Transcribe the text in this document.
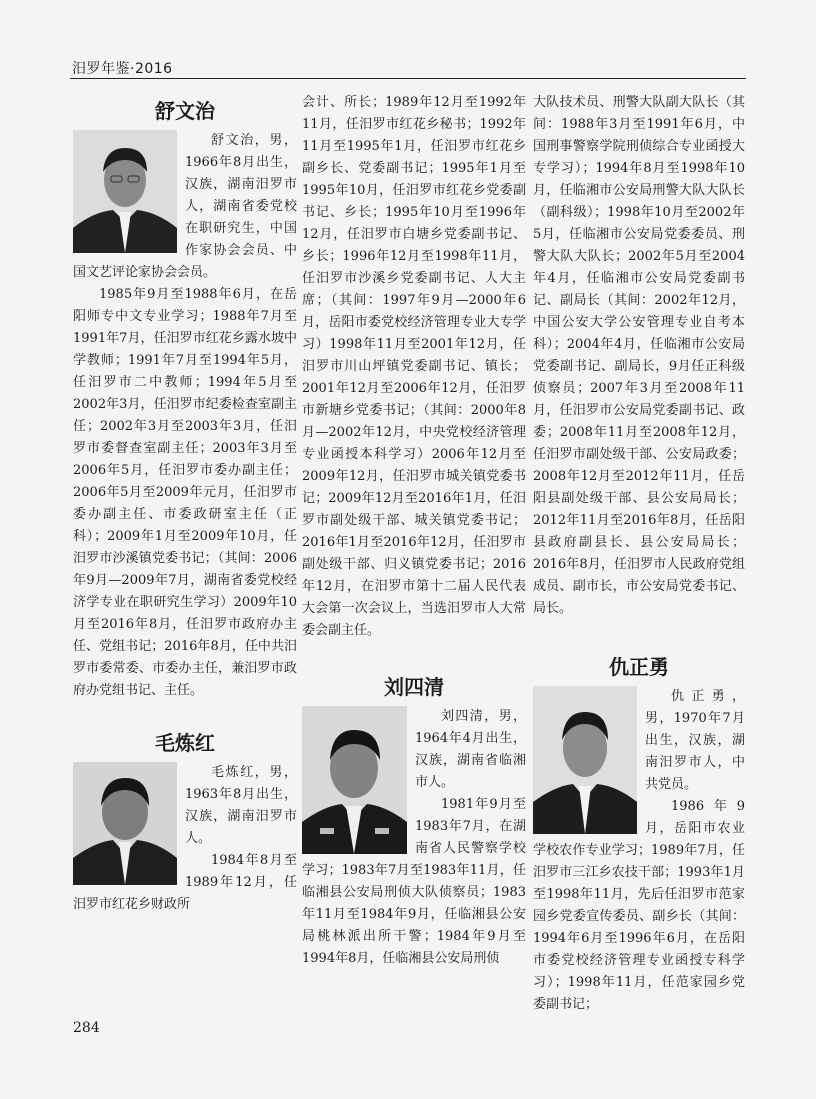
汨罗年鉴·2016
舒文治

舒文治，男，1966年8月出生，汉族，湖南汨罗市人，湖南省委党校在职研究生，中国作家协会会员、中国文艺评论家协会会员。

1985年9月至1988年6月，在岳阳师专中文专业学习；1988年7月至1991年7月，任汨罗市红花乡露水坡中学教师；1991年7月至1994年5月，任汨罗市二中教师；1994年5月至2002年3月，任汨罗市纪委检查室副主任；2002年3月至2003年3月，任汨罗市委督查室副主任；2003年3月至2006年5月，任汨罗市委办副主任；2006年5月至2009年元月，任汨罗市委办副主任、市委政研室主任（正科）；2009年1月至2009年10月，任汨罗市沙溪镇党委书记；（其间：2006年9月—2009年7月，湖南省委党校经济学专业在职研究生学习）2009年10月至2016年8月，任汨罗市政府办主任、党组书记；2016年8月，任中共汨罗市委常委、市委办主任，兼汨罗市政府办党组书记、主任。

毛炼红

毛炼红，男，1963年8月出生，汉族，湖南汨罗市人。

1984年8月至1989年12月，任汨罗市红花乡财政所

会计、所长；1989年12月至1992年11月，任汨罗市红花乡秘书；1992年11月至1995年1月，任汨罗市红花乡副乡长、党委副书记；1995年1月至1995年10月，任汨罗市红花乡党委副书记、乡长；1995年10月至1996年12月，任汨罗市白塘乡党委副书记、乡长；1996年12月至1998年11月，任汨罗市沙溪乡党委副书记、人大主席；（其间：1997年9月—2000年6月，岳阳市委党校经济管理专业大专学习）1998年11月至2001年12月，任汨罗市川山坪镇党委副书记、镇长；2001年12月至2006年12月，任汨罗市新塘乡党委书记；（其间：2000年8月—2002年12月，中央党校经济管理专业函授本科学习）2006年12月至2009年12月，任汨罗市城关镇党委书记；2009年12月至2016年1月，任汨罗市副处级干部、城关镇党委书记；2016年1月至2016年12月，任汨罗市副处级干部、归义镇党委书记；2016年12月，在汨罗市第十二届人民代表大会第一次会议上，当选汨罗市人大常委会副主任。

刘四清

刘四清，男，1964年4月出生，汉族，湖南省临湘市人。

1981年9月至1983年7月，在湖南省人民警察学校学习；1983年7月至1983年11月，任临湘县公安局刑侦大队侦察员；1983年11月至1984年9月，任临湘县公安局桃林派出所干警；1984年9月至1994年8月，任临湘县公安局刑侦

大队技术员、刑警大队副大队长（其间：1988年3月至1991年6月，中国刑事警察学院刑侦综合专业函授大专学习）；1994年8月至1998年10月，任临湘市公安局刑警大队大队长（副科级）；1998年10月至2002年5月，任临湘市公安局党委委员、刑警大队大队长；2002年5月至2004年4月，任临湘市公安局党委副书记、副局长（其间：2002年12月，中国公安大学公安管理专业自考本科）；2004年4月，任临湘市公安局党委副书记、副局长，9月任正科级侦察员；2007年3月至2008年11月，任汨罗市公安局党委副书记、政委；2008年11月至2008年12月，任汨罗市副处级干部、公安局政委；2008年12月至2012年11月，任岳阳县副处级干部、县公安局局长；2012年11月至2016年8月，任岳阳县政府副县长、县公安局局长；2016年8月，任汨罗市人民政府党组成员、副市长，市公安局党委书记、局长。

仇正勇

仇正勇，男，1970年7月出生，汉族，湖南汨罗市人，中共党员。

1986年9月，岳阳市农业学校农作专业学习；1989年7月，任汨罗市三江乡农技干部；1993年1月至1998年11月，先后任汨罗市范家园乡党委宣传委员、副乡长（其间：1994年6月至1996年6月，在岳阳市委党校经济管理专业函授专科学习）；1998年11月，任范家园乡党委副书记；

284
